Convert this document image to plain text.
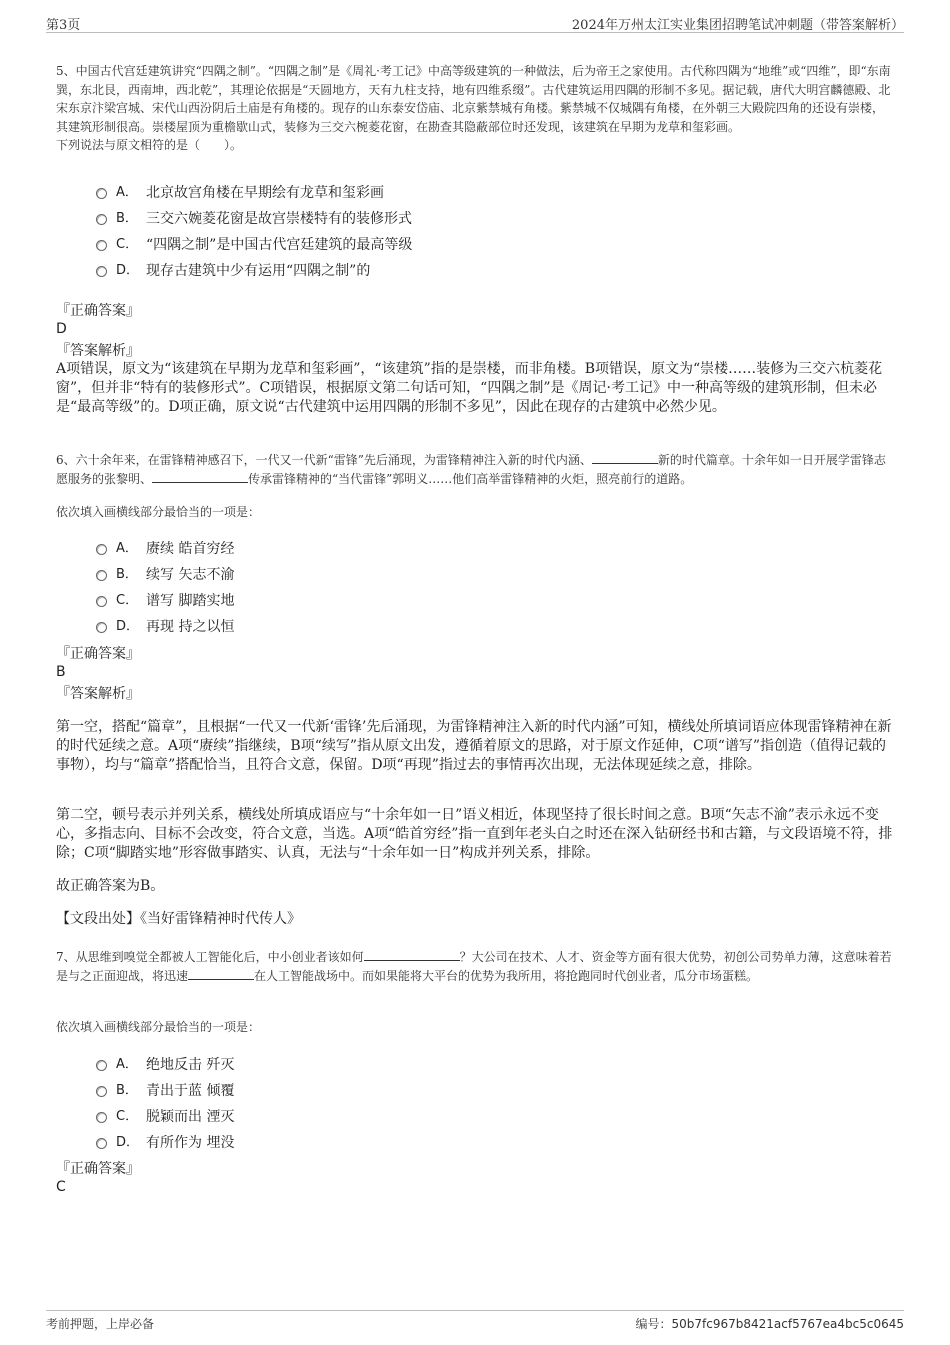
第3页	2024年万州太江实业集团招聘笔试冲刺题（带答案解析）

5、中国古代宫廷建筑讲究“四隅之制”。“四隅之制”是《周礼·考工记》中高等级建筑的一种做法，后为帝王之家使用。古代称四隅为“地维”或“四维”，即“东南巽，东北艮，西南坤，西北乾”，其理论依据是“天圆地方，天有九柱支持，地有四维系缀”。古代建筑运用四隅的形制不多见。据记载，唐代大明宫麟德殿、北宋东京汴梁宫城、宋代山西汾阴后土庙是有角楼的。现存的山东泰安岱庙、北京紫禁城有角楼。紫禁城不仅城隅有角楼，在外朝三大殿院四角的还设有崇楼，其建筑形制很高。崇楼屋顶为重檐歇山式，装修为三交六椀菱花窗，在勘查其隐蔽部位时还发现，该建筑在早期为龙草和玺彩画。

下列说法与原文相符的是（　　）。

A． 北京故宫角楼在早期绘有龙草和玺彩画
B． 三交六婉菱花窗是故宫崇楼特有的装修形式
C． “四隅之制”是中国古代宫廷建筑的最高等级
D． 现存古建筑中少有运用“四隅之制”的
『正确答案』
D
『答案解析』

A项错误，原文为“该建筑在早期为龙草和玺彩画”，“该建筑”指的是崇楼，而非角楼。B项错误，原文为“崇楼……装修为三交六杭菱花窗”，但并非“特有的装修形式”。C项错误，根据原文第二句话可知，“四隅之制”是《周记·考工记》中一种高等级的建筑形制，但未必是“最高等级”的。D项正确，原文说“古代建筑中运用四隅的形制不多见”，因此在现存的古建筑中必然少见。

6、六十余年来，在雷锋精神感召下，一代又一代新“雷锋”先后涌现，为雷锋精神注入新的时代内涵、	新的时代篇章。十余年如一日开展学雷锋志愿服务的张黎明、	传承雷锋精神的“当代雷锋”郭明义……他们高举雷锋精神的火炬，照亮前行的道路。

依次填入画横线部分最恰当的一项是：

A． 赓续 皓首穷经
B． 续写 矢志不渝
C． 谱写 脚踏实地
D． 再现 持之以恒
『正确答案』
B
『答案解析』

第一空，搭配“篇章”，且根据“一代又一代新‘雷锋’先后涌现，为雷锋精神注入新的时代内涵”可知，横线处所填词语应体现雷锋精神在新的时代延续之意。A项“赓续”指继续，B项“续写”指从原文出发，遵循着原文的思路，对于原文作延伸，C项“谱写”指创造（值得记载的事物），均与“篇章”搭配恰当，且符合文意，保留。D项“再现”指过去的事情再次出现，无法体现延续之意，排除。

第二空，顿号表示并列关系，横线处所填成语应与“十余年如一日”语义相近，体现坚持了很长时间之意。B项“矢志不渝”表示永远不变心，多指志向、目标不会改变，符合文意，当选。A项“皓首穷经”指一直到年老头白之时还在深入钻研经书和古籍，与文段语境不符，排除；C项“脚踏实地”形容做事踏实、认真，无法与“十余年如一日”构成并列关系，排除。

故正确答案为B。

【文段出处】《当好雷锋精神时代传人》

7、从思维到嗅觉全都被人工智能化后，中小创业者该如何	？大公司在技术、人才、资金等方面有很大优势，初创公司势单力薄，这意味着若是与之正面迎战，将迅速	在人工智能战场中。而如果能将大平台的优势为我所用，将抢跑同时代创业者，瓜分市场蛋糕。

依次填入画横线部分最恰当的一项是：

A． 绝地反击 歼灭
B． 青出于蓝 倾覆
C． 脱颖而出 湮灭
D． 有所作为 埋没
『正确答案』
C
考前押题，上岸必备	编号：50b7fc967b8421acf5767ea4bc5c0645
